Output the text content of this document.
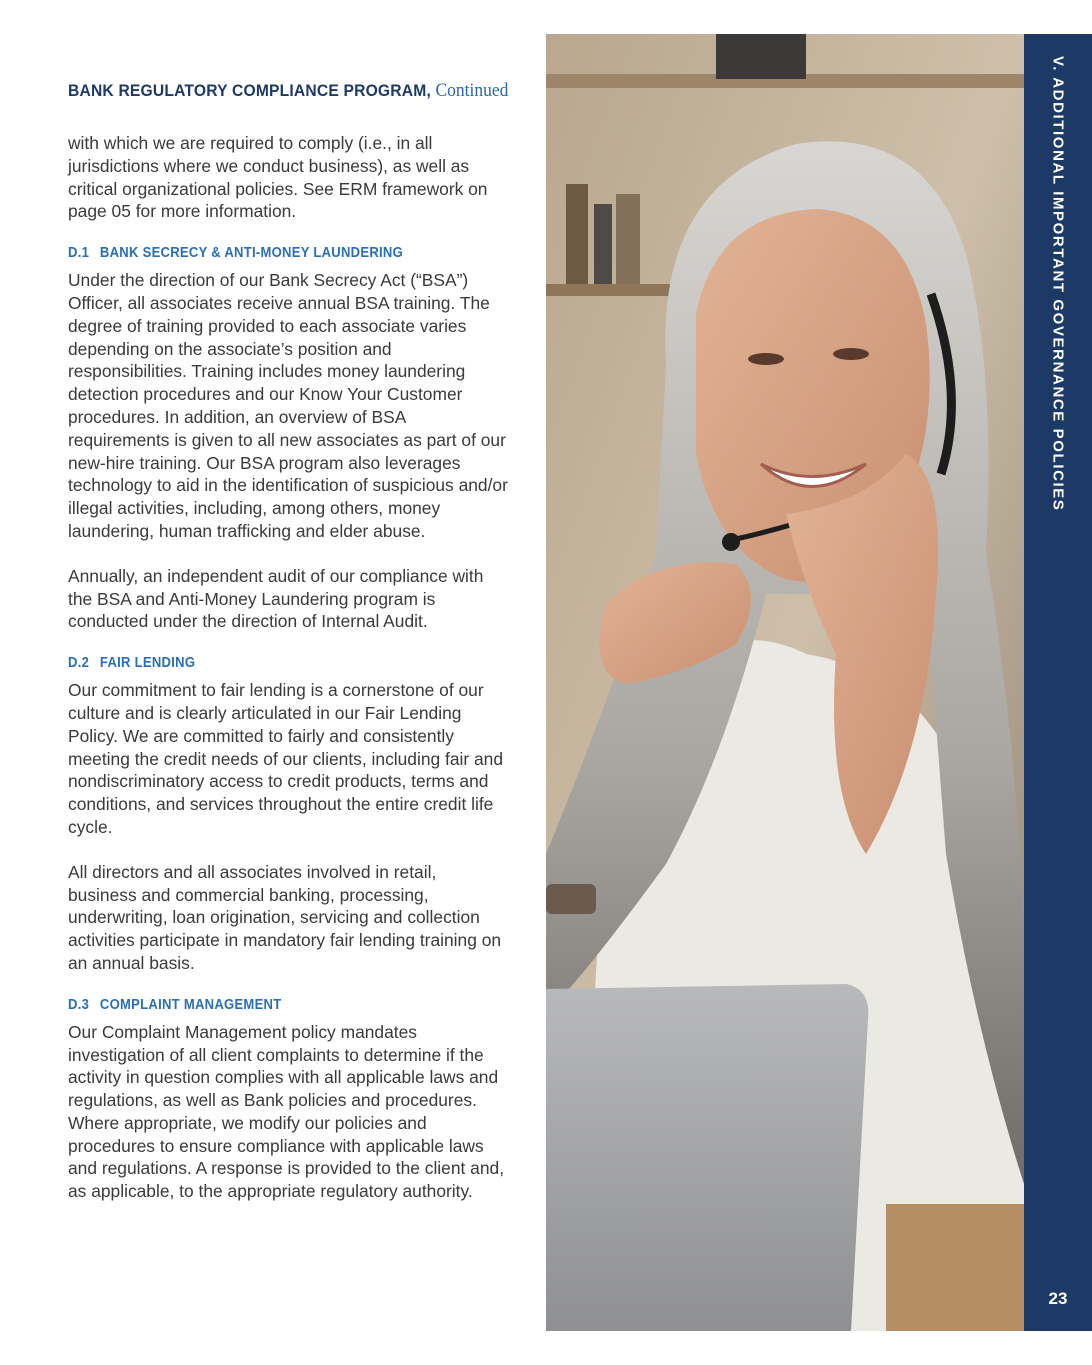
BANK REGULATORY COMPLIANCE PROGRAM, Continued

with which we are required to comply (i.e., in all jurisdictions where we conduct business), as well as critical organizational policies. See ERM framework on page 05 for more information.

D.1 BANK SECRECY & ANTI-MONEY LAUNDERING

Under the direction of our Bank Secrecy Act (“BSA”) Officer, all associates receive annual BSA training. The degree of training provided to each associate varies depending on the associate’s position and responsibilities. Training includes money laundering detection procedures and our Know Your Customer procedures. In addition, an overview of BSA requirements is given to all new associates as part of our new-hire training. Our BSA program also leverages technology to aid in the identification of suspicious and/or illegal activities, including, among others, money laundering, human trafficking and elder abuse.

Annually, an independent audit of our compliance with the BSA and Anti-Money Laundering program is conducted under the direction of Internal Audit.

D.2 FAIR LENDING

Our commitment to fair lending is a cornerstone of our culture and is clearly articulated in our Fair Lending Policy. We are committed to fairly and consistently meeting the credit needs of our clients, including fair and nondiscriminatory access to credit products, terms and conditions, and services throughout the entire credit life cycle.

All directors and all associates involved in retail, business and commercial banking, processing, underwriting, loan origination, servicing and collection activities participate in mandatory fair lending training on an annual basis.

D.3 COMPLAINT MANAGEMENT

Our Complaint Management policy mandates investigation of all client complaints to determine if the activity in question complies with all applicable laws and regulations, as well as Bank policies and procedures. Where appropriate, we modify our policies and procedures to ensure compliance with applicable laws and regulations. A response is provided to the client and, as applicable, to the appropriate regulatory authority.

V. ADDITIONAL IMPORTANT GOVERNANCE POLICIES
23
